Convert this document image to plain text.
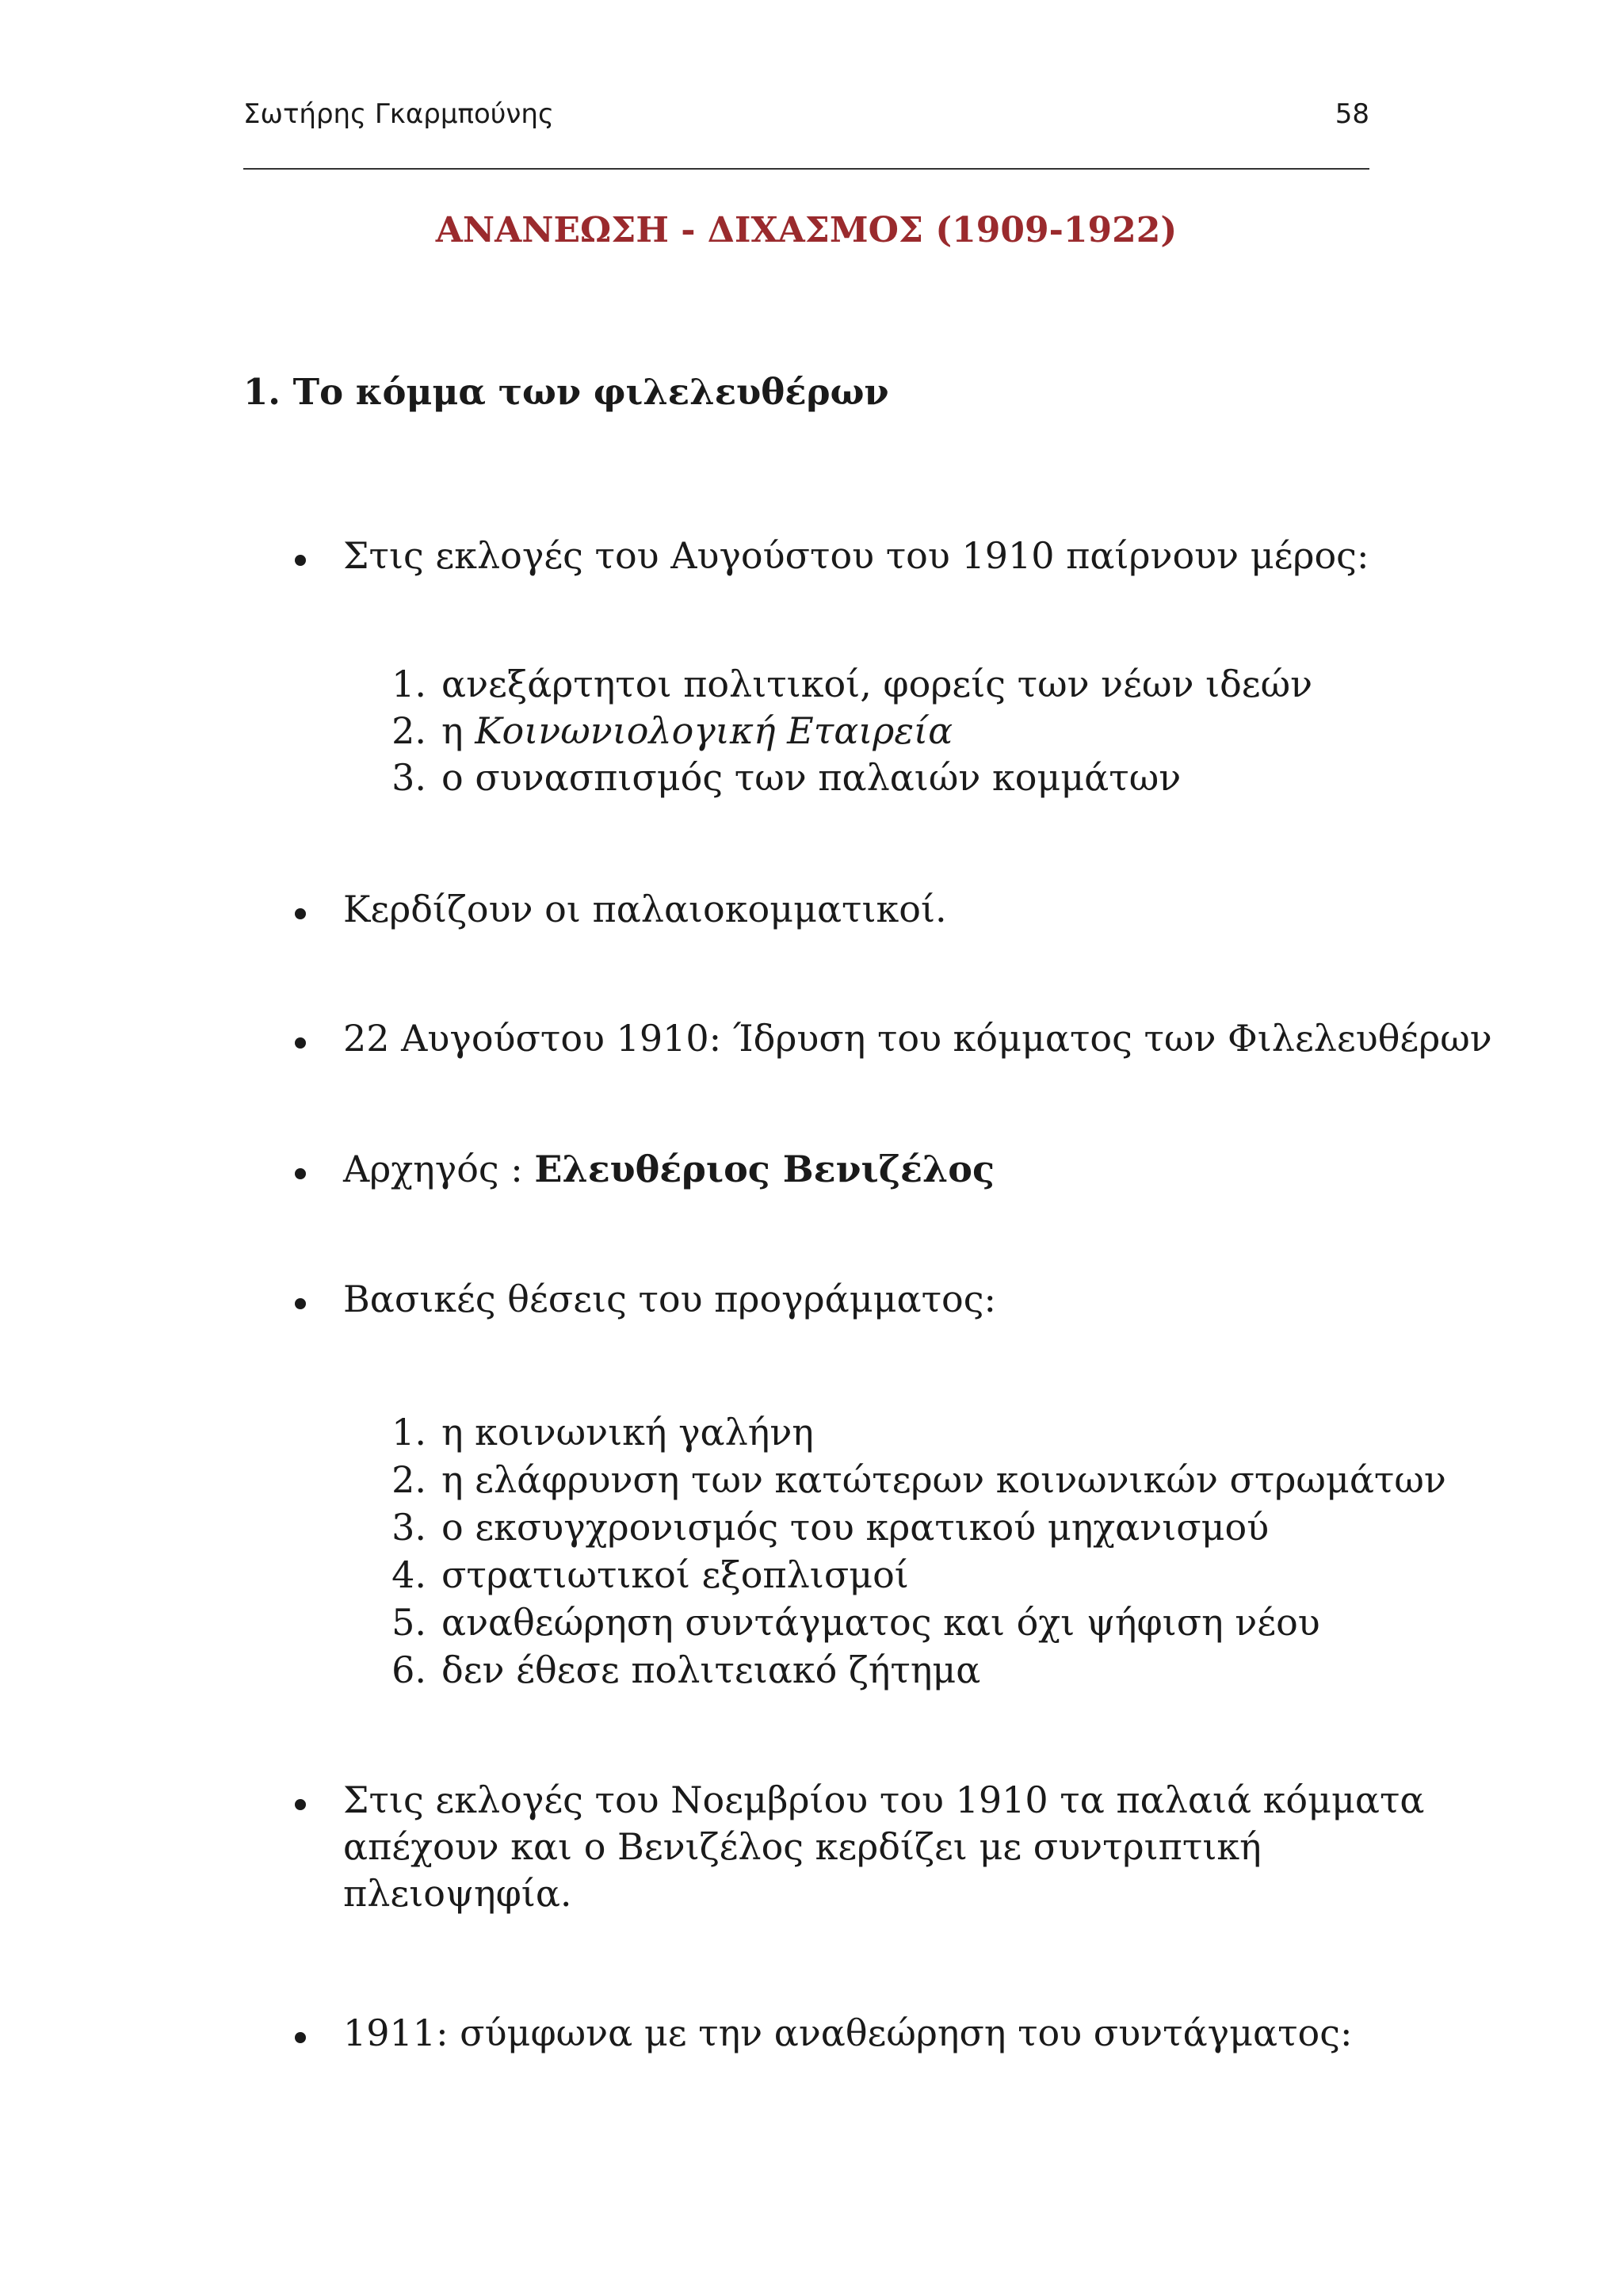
Σωτήρης Γκαρμπούνης	58
ΑΝΑΝΕΩΣΗ - ΔΙΧΑΣΜΟΣ (1909-1922)
1. Το κόμμα των φιλελευθέρων
Στις εκλογές του Αυγούστου του 1910 παίρνουν μέρος:
1. ανεξάρτητοι πολιτικοί, φορείς των νέων ιδεών
2. η Κοινωνιολογική Εταιρεία
3. ο συνασπισμός των παλαιών κομμάτων
Κερδίζουν οι παλαιοκομματικοί.
22 Αυγούστου 1910: Ίδρυση του κόμματος των Φιλελευθέρων
Αρχηγός : Ελευθέριος Βενιζέλος
Βασικές θέσεις του προγράμματος:
1. η κοινωνική γαλήνη
2. η ελάφρυνση των κατώτερων κοινωνικών στρωμάτων
3. ο εκσυγχρονισμός του κρατικού μηχανισμού
4. στρατιωτικοί εξοπλισμοί
5. αναθεώρηση συντάγματος και όχι ψήφιση νέου
6. δεν έθεσε πολιτειακό ζήτημα
Στις εκλογές του Νοεμβρίου του 1910 τα παλαιά κόμματα
απέχουν και ο Βενιζέλος κερδίζει με συντριπτική
πλειοψηφία.
1911: σύμφωνα με την αναθεώρηση του συντάγματος:
